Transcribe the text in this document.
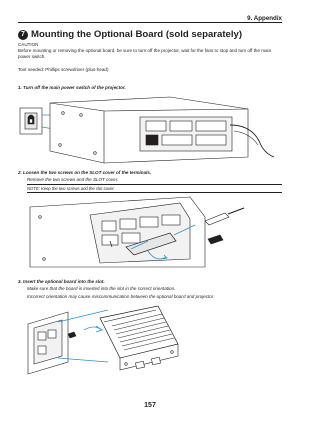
9. Appendix
7 Mounting the Optional Board (sold separately)
CAUTION
Before mounting or removing the optional board, be sure to turn off the projector, wait for the fans to stop and turn off the main power switch.
Tool needed: Phillips screwdriver (plus-head)
1. Turn off the main power switch of the projector.
2. Loosen the two screws on the SLOT cover of the terminals.
Remove the two screws and the SLOT cover.
NOTE: Keep the two screws and the slot cover.
3. Insert the optional board into the slot.
Make sure that the board is inserted into the slot in the correct orientation.
Incorrect orientation may cause miscommunication between the optional board and projector.
157
